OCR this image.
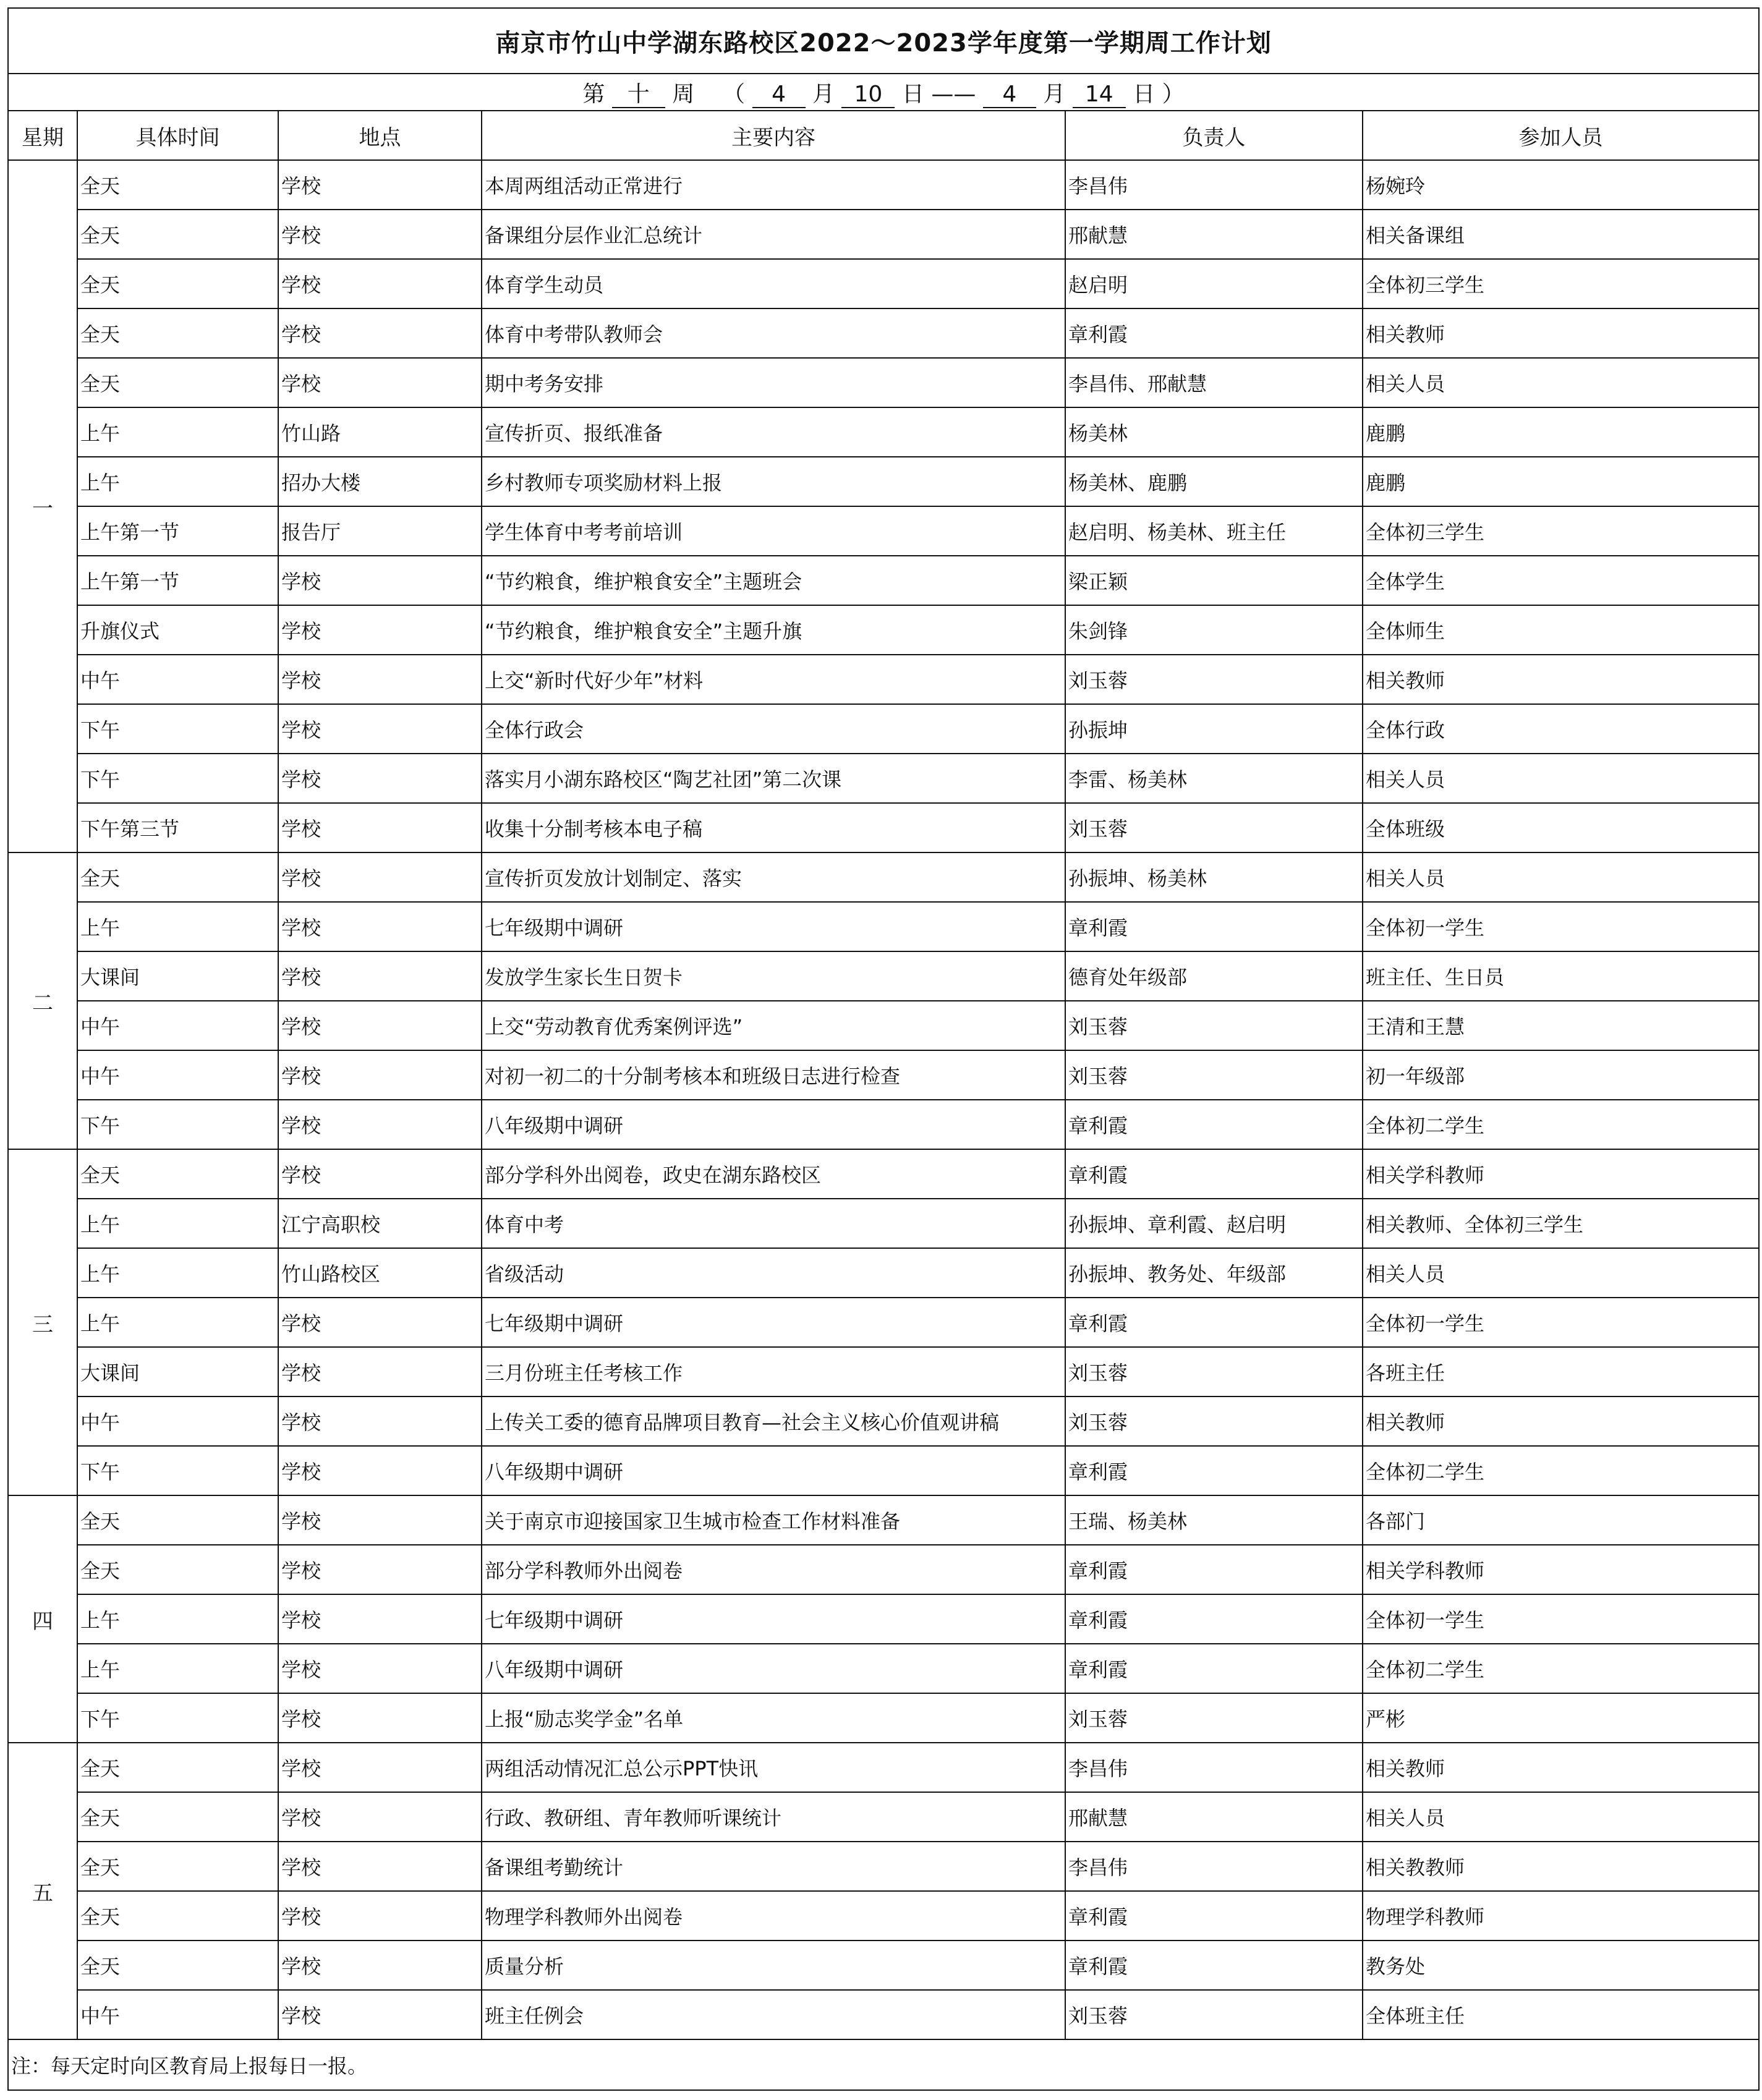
南京市竹山中学湖东路校区2022～2023学年度第一学期周工作计划					
第 十 周 （ 4 月 10 日 —— 4 月 14 日 ）					
星期	具体时间	地点	主要内容	负责人	参加人员
一	全天	学校	本周两组活动正常进行	李昌伟	杨婉玲
	全天	学校	备课组分层作业汇总统计	邢献慧	相关备课组
	全天	学校	体育学生动员	赵启明	全体初三学生
	全天	学校	体育中考带队教师会	章利霞	相关教师
	全天	学校	期中考务安排	李昌伟、邢献慧	相关人员
	上午	竹山路	宣传折页、报纸准备	杨美林	鹿鹏
	上午	招办大楼	乡村教师专项奖励材料上报	杨美林、鹿鹏	鹿鹏
	上午第一节	报告厅	学生体育中考考前培训	赵启明、杨美林、班主任	全体初三学生
	上午第一节	学校	“节约粮食，维护粮食安全”主题班会	梁正颖	全体学生
	升旗仪式	学校	“节约粮食，维护粮食安全”主题升旗	朱剑锋	全体师生
	中午	学校	上交“新时代好少年”材料	刘玉蓉	相关教师
	下午	学校	全体行政会	孙振坤	全体行政
	下午	学校	落实月小湖东路校区“陶艺社团”第二次课	李雷、杨美林	相关人员
	下午第三节	学校	收集十分制考核本电子稿	刘玉蓉	全体班级
二	全天	学校	宣传折页发放计划制定、落实	孙振坤、杨美林	相关人员
	上午	学校	七年级期中调研	章利霞	全体初一学生
	大课间	学校	发放学生家长生日贺卡	德育处年级部	班主任、生日员
	中午	学校	上交“劳动教育优秀案例评选”	刘玉蓉	王清和王慧
	中午	学校	对初一初二的十分制考核本和班级日志进行检查	刘玉蓉	初一年级部
	下午	学校	八年级期中调研	章利霞	全体初二学生
三	全天	学校	部分学科外出阅卷，政史在湖东路校区	章利霞	相关学科教师
	上午	江宁高职校	体育中考	孙振坤、章利霞、赵启明	相关教师、全体初三学生
	上午	竹山路校区	省级活动	孙振坤、教务处、年级部	相关人员
	上午	学校	七年级期中调研	章利霞	全体初一学生
	大课间	学校	三月份班主任考核工作	刘玉蓉	各班主任
	中午	学校	上传关工委的德育品牌项目教育—社会主义核心价值观讲稿	刘玉蓉	相关教师
	下午	学校	八年级期中调研	章利霞	全体初二学生
四	全天	学校	关于南京市迎接国家卫生城市检查工作材料准备	王瑞、杨美林	各部门
	全天	学校	部分学科教师外出阅卷	章利霞	相关学科教师
	上午	学校	七年级期中调研	章利霞	全体初一学生
	上午	学校	八年级期中调研	章利霞	全体初二学生
	下午	学校	上报“励志奖学金”名单	刘玉蓉	严彬
五	全天	学校	两组活动情况汇总公示PPT快讯	李昌伟	相关教师
	全天	学校	行政、教研组、青年教师听课统计	邢献慧	相关人员
	全天	学校	备课组考勤统计	李昌伟	相关教教师
	全天	学校	物理学科教师外出阅卷	章利霞	物理学科教师
	全天	学校	质量分析	章利霞	教务处
	中午	学校	班主任例会	刘玉蓉	全体班主任
注：每天定时向区教育局上报每日一报。					
